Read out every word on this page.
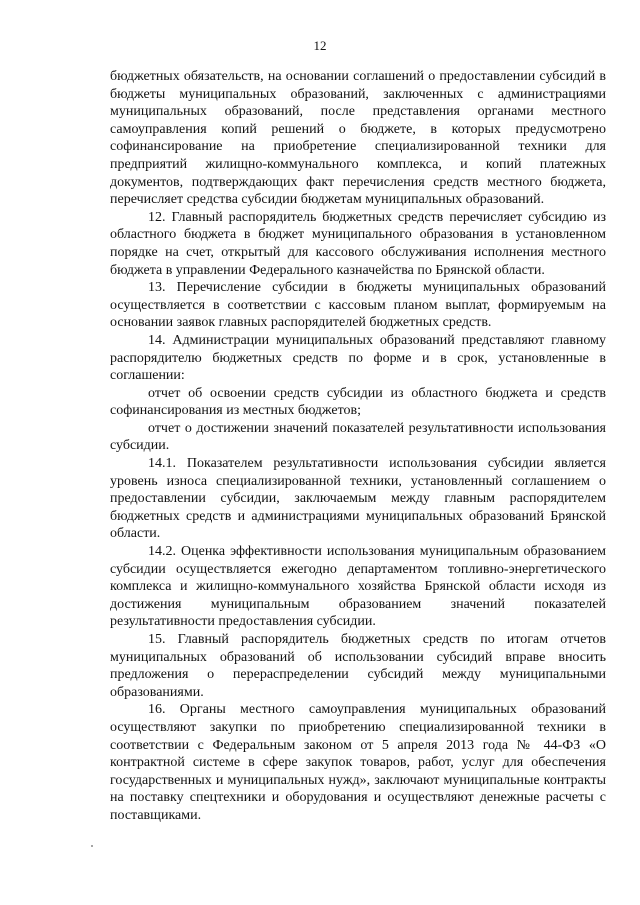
12

бюджетных обязательств, на основании соглашений о предоставлении субсидий в бюджеты муниципальных образований, заключенных с администрациями муниципальных образований, после представления органами местного самоуправления копий решений о бюджете, в которых предусмотрено софинансирование на приобретение специализированной техники для предприятий жилищно-коммунального комплекса, и копий платежных документов, подтверждающих факт перечисления средств местного бюджета, перечисляет средства субсидии бюджетам муниципальных образований.

12. Главный распорядитель бюджетных средств перечисляет субсидию из областного бюджета в бюджет муниципального образования в установленном порядке на счет, открытый для кассового обслуживания исполнения местного бюджета в управлении Федерального казначейства по Брянской области.

13. Перечисление субсидии в бюджеты муниципальных образований осуществляется в соответствии с кассовым планом выплат, формируемым на основании заявок главных распорядителей бюджетных средств.

14. Администрации муниципальных образований представляют главному распорядителю бюджетных средств по форме и в срок, установленные в соглашении:

отчет об освоении средств субсидии из областного бюджета и средств софинансирования из местных бюджетов;

отчет о достижении значений показателей результативности использования субсидии.

14.1. Показателем результативности использования субсидии является уровень износа специализированной техники, установленный соглашением о предоставлении субсидии, заключаемым между главным распорядителем бюджетных средств и администрациями муниципальных образований Брянской области.

14.2. Оценка эффективности использования муниципальным образованием субсидии осуществляется ежегодно департаментом топливно-энергетического комплекса и жилищно-коммунального хозяйства Брянской области исходя из достижения муниципальным образованием значений показателей результативности предоставления субсидии.

15. Главный распорядитель бюджетных средств по итогам отчетов муниципальных образований об использовании субсидий вправе вносить предложения о перераспределении субсидий между муниципальными образованиями.

16. Органы местного самоуправления муниципальных образований осуществляют закупки по приобретению специализированной техники в соответствии с Федеральным законом от 5 апреля 2013 года № 44-ФЗ «О контрактной системе в сфере закупок товаров, работ, услуг для обеспечения государственных и муниципальных нужд», заключают муниципальные контракты на поставку спецтехники и оборудования и осуществляют денежные расчеты с поставщиками.
